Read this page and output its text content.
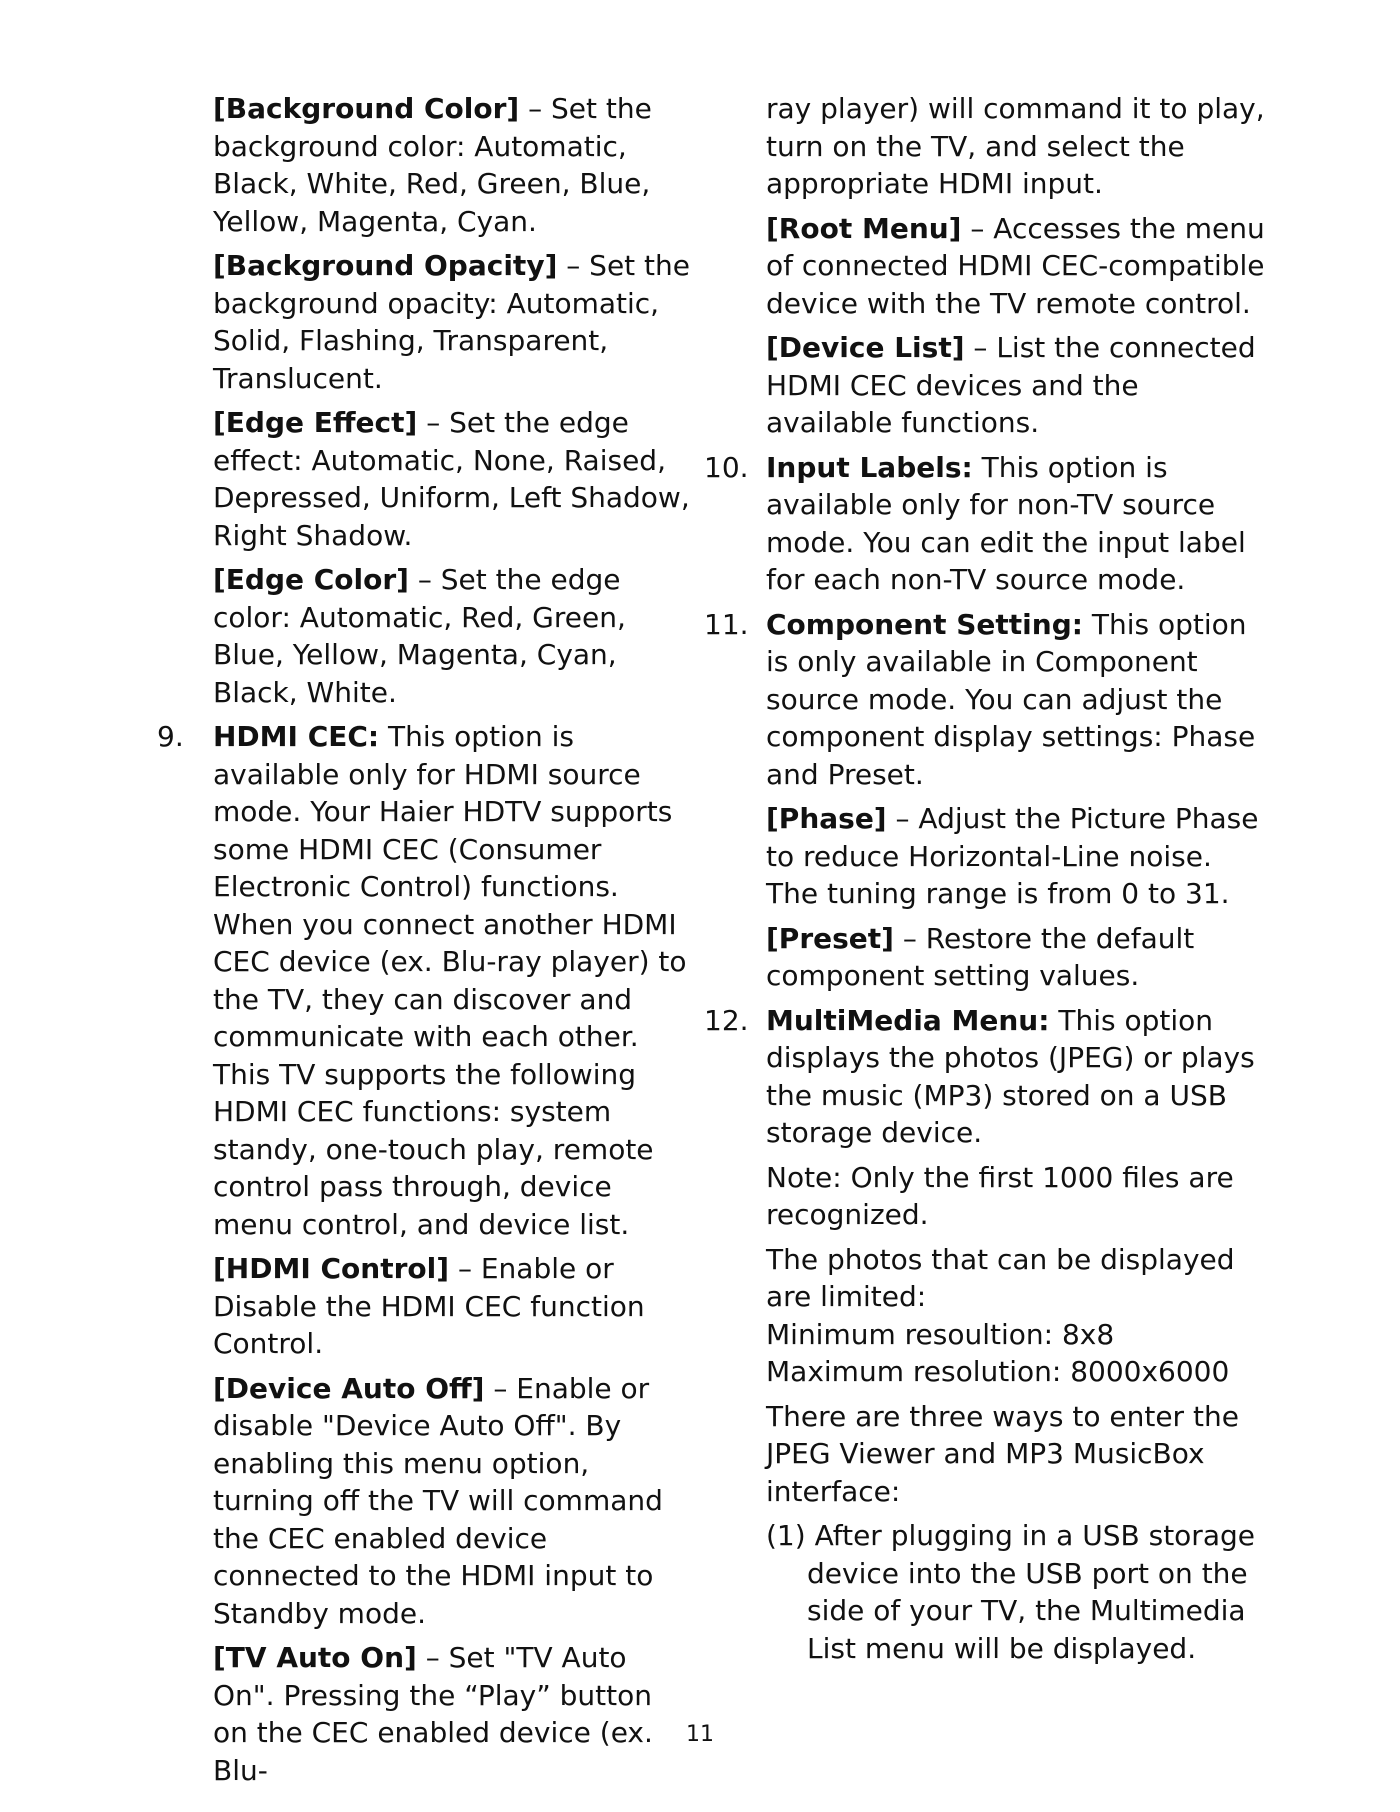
[Background Color] – Set the background color: Automatic, Black, White, Red, Green, Blue, Yellow, Magenta, Cyan.

[Background Opacity] – Set the background opacity: Automatic, Solid, Flashing, Transparent, Translucent.

[Edge Effect] – Set the edge effect: Automatic, None, Raised, Depressed, Uniform, Left Shadow, Right Shadow.

[Edge Color] – Set the edge color: Automatic, Red, Green, Blue, Yellow, Magenta, Cyan, Black, White.

9. HDMI CEC: This option is available only for HDMI source mode. Your Haier HDTV supports some HDMI CEC (Consumer Electronic Control) functions. When you connect another HDMI CEC device (ex. Blu-ray player) to the TV, they can discover and communicate with each other. This TV supports the following HDMI CEC functions: system standy, one-touch play, remote control pass through, device menu control, and device list.

[HDMI Control] – Enable or Disable the HDMI CEC function Control.

[Device Auto Off] – Enable or disable "Device Auto Off". By enabling this menu option, turning off the TV will command the CEC enabled device connected to the HDMI input to Standby mode.

[TV Auto On] – Set "TV Auto On". Pressing the “Play” button on the CEC enabled device (ex. Blu-

ray player) will command it to play, turn on the TV, and select the appropriate HDMI input.

[Root Menu] – Accesses the menu of connected HDMI CEC-compatible device with the TV remote control.

[Device List] – List the connected HDMI CEC devices and the available functions.

10. Input Labels: This option is available only for non-TV source mode. You can edit the input label for each non-TV source mode.
11. Component Setting: This option is only available in Component source mode. You can adjust the component display settings: Phase and Preset.

[Phase] – Adjust the Picture Phase to reduce Horizontal-Line noise. The tuning range is from 0 to 31.

[Preset] – Restore the default component setting values.

12. MultiMedia Menu: This option displays the photos (JPEG) or plays the music (MP3) stored on a USB storage device.

Note: Only the first 1000 files are recognized.

The photos that can be displayed are limited:

Minimum resoultion: 8x8

Maximum resolution: 8000x6000

There are three ways to enter the JPEG Viewer and MP3 MusicBox interface:

(1) After plugging in a USB storage device into the USB port on the side of your TV, the Multimedia List menu will be displayed.

11
